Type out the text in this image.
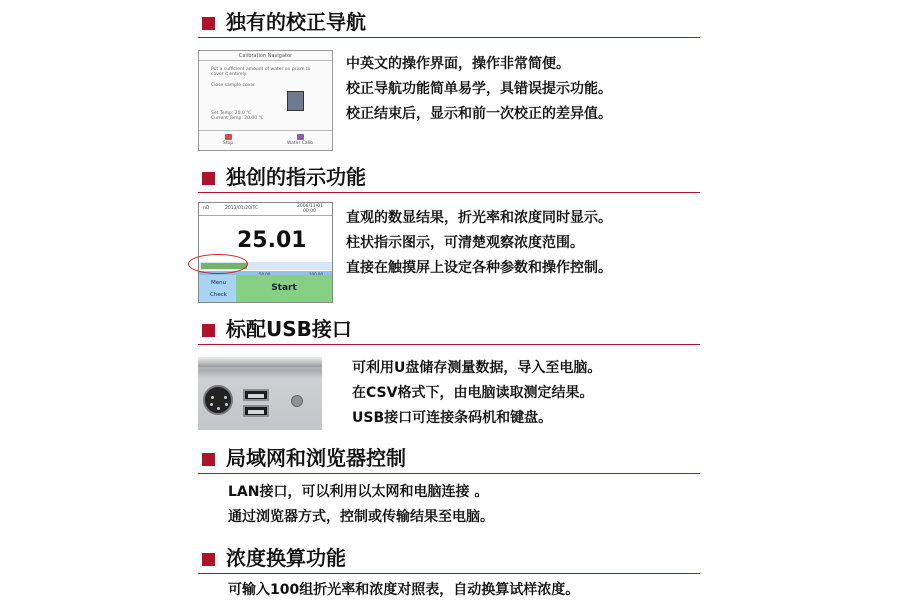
独有的校正导航
Calibration Navigator
Put a sufficient amount of water on prism to
cover it entirely.
Close sample cover
Set Temp: 20.0 ℃
Current Temp: 20.00 ℃
Stop	Water Calib
中英文的操作界面，操作非常简便。
校正导航功能简单易学，具错误提示功能。
校正结束后，显示和前一次校正的差异值。
独创的指示功能
nD	2013/01/20/TC	2006/11/01
00:00
25.01
Menu
Check
Start
直观的数显结果，折光率和浓度同时显示。
柱状指示图示，可清楚观察浓度范围。
直接在触摸屏上设定各种参数和操作控制。
标配USB接口
可利用U盘储存测量数据，导入至电脑。
在CSV格式下，由电脑读取测定结果。
USB接口可连接条码机和键盘。
局域网和浏览器控制
LAN接口，可以利用以太网和电脑连接 。
通过浏览器方式，控制或传输结果至电脑。
浓度换算功能
可输入100组折光率和浓度对照表，自动换算试样浓度。
